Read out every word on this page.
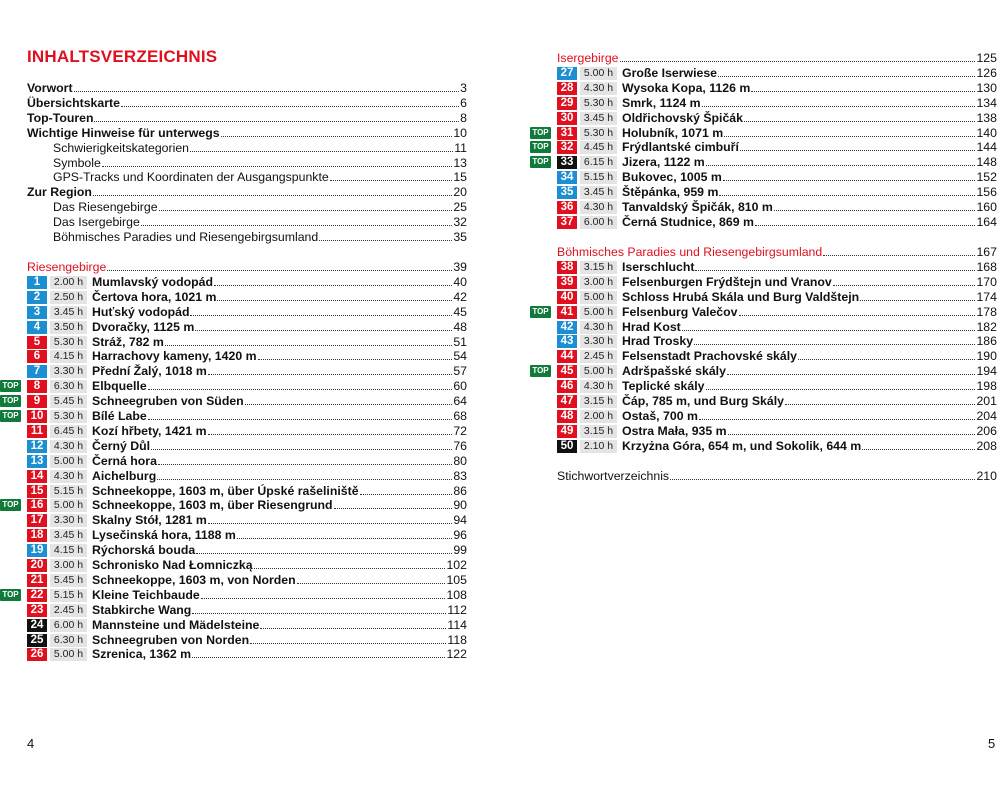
INHALTSVERZEICHNIS
Vorwort	3
Übersichtskarte	6
Top-Touren	8
Wichtige Hinweise für unterwegs	10
Schwierigkeitskategorien	11
Symbole	13
GPS-Tracks und Koordinaten der Ausgangspunkte	15
Zur Region	20
Das Riesengebirge	25
Das Isergebirge	32
Böhmisches Paradies und Riesengebirgsumland	35
Riesengebirge	39
1	2.00 h Mumlavský vodopád	40
2	2.50 h Čertova hora, 1021 m	42
3	3.45 h Huťský vodopád	45
4	3.50 h Dvoračky, 1125 m	48
5	5.30 h Stráž, 782 m	51
6	4.15 h Harrachovy kameny, 1420 m	54
7	3.30 h Přední Žalý, 1018 m	57
TOP	8	6.30 h Elbquelle	60
TOP	9	5.45 h Schneegruben von Süden	64
TOP	10	5.30 h Bílé Labe	68
11	6.45 h Kozí hřbety, 1421 m	72
12	4.30 h Černý Důl	76
13	5.00 h Černá hora	80
14	4.30 h Aichelburg	83
15	5.15 h Schneekoppe, 1603 m, über Úpské rašeliniště	86
TOP	16	5.00 h Schneekoppe, 1603 m, über Riesengrund	90
17	3.30 h Skalny Stół, 1281 m	94
18	3.45 h Lysečinská hora, 1188 m	96
19	4.15 h Rýchorská bouda	99
20	3.00 h Schronisko Nad Łomniczką	102
21	5.45 h Schneekoppe, 1603 m, von Norden	105
TOP	22	5.15 h Kleine Teichbaude	108
23	2.45 h Stabkirche Wang	112
24	6.00 h Mannsteine und Mädelsteine	114
25	6.30 h Schneegruben von Norden	118
26	5.00 h Szrenica, 1362 m	122
Isergebirge	125
27	5.00 h Große Iserwiese	126
28	4.30 h Wysoka Kopa, 1126 m	130
29	5.30 h Smrk, 1124 m	134
30	3.45 h Oldřichovský Špičák	138
TOP	31	5.30 h Holubník, 1071 m	140
TOP	32	4.45 h Frýdlantské cimbuří	144
TOP	33	6.15 h Jizera, 1122 m	148
34	5.15 h Bukovec, 1005 m	152
35	3.45 h Štěpánka, 959 m	156
36	4.30 h Tanvaldský Špičák, 810 m	160
37	6.00 h Černá Studnice, 869 m	164
Böhmisches Paradies und Riesengebirgsumland	167
38	3.15 h Iserschlucht	168
39	3.00 h Felsenburgen Frýdštejn und Vranov	170
40	5.00 h Schloss Hrubá Skála und Burg Valdštejn	174
TOP	41	5.00 h Felsenburg Valečov	178
42	4.30 h Hrad Kost	182
43	3.30 h Hrad Trosky	186
44	2.45 h Felsenstadt Prachovské skály	190
TOP	45	5.00 h Adršpašské skály	194
46	4.30 h Teplické skály	198
47	3.15 h Čáp, 785 m, und Burg Skály	201
48	2.00 h Ostaš, 700 m	204
49	3.15 h Ostra Mała, 935 m	206
50	2.10 h Krzyżna Góra, 654 m, und Sokolik, 644 m	208
Stichwortverzeichnis	210
4	5
